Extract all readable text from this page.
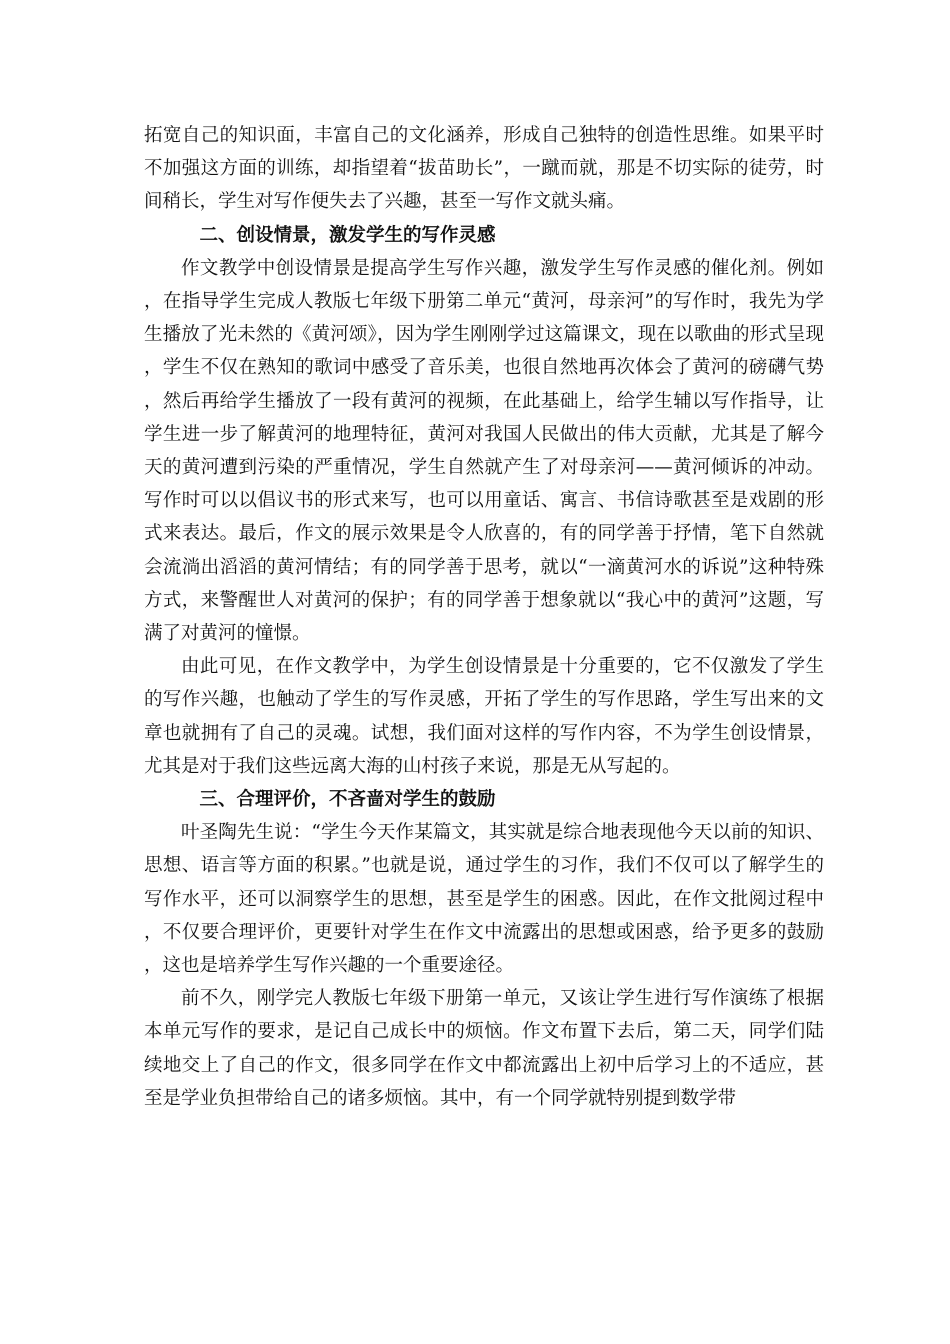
拓宽自己的知识面，丰富自己的文化涵养，形成自己独特的创造性思维。如果平时不加强这方面的训练，却指望着“拔苗助长”，一蹴而就，那是不切实际的徒劳，时间稍长，学生对写作便失去了兴趣，甚至一写作文就头痛。

二、创设情景，激发学生的写作灵感

作文教学中创设情景是提高学生写作兴趣，激发学生写作灵感的催化剂。例如，在指导学生完成人教版七年级下册第二单元“黄河，母亲河”的写作时，我先为学生播放了光未然的《黄河颂》，因为学生刚刚学过这篇课文，现在以歌曲的形式呈现，学生不仅在熟知的歌词中感受了音乐美，也很自然地再次体会了黄河的磅礴气势，然后再给学生播放了一段有黄河的视频，在此基础上，给学生辅以写作指导，让学生进一步了解黄河的地理特征，黄河对我国人民做出的伟大贡献，尤其是了解今天的黄河遭到污染的严重情况，学生自然就产生了对母亲河——黄河倾诉的冲动。写作时可以以倡议书的形式来写，也可以用童话、寓言、书信诗歌甚至是戏剧的形式来表达。最后，作文的展示效果是令人欣喜的，有的同学善于抒情，笔下自然就会流淌出滔滔的黄河情结；有的同学善于思考，就以“一滴黄河水的诉说”这种特殊方式，来警醒世人对黄河的保护；有的同学善于想象就以“我心中的黄河”这题，写满了对黄河的憧憬。

由此可见，在作文教学中，为学生创设情景是十分重要的，它不仅激发了学生的写作兴趣，也触动了学生的写作灵感，开拓了学生的写作思路，学生写出来的文章也就拥有了自己的灵魂。试想，我们面对这样的写作内容，不为学生创设情景，尤其是对于我们这些远离大海的山村孩子来说，那是无从写起的。

三、合理评价，不吝啬对学生的鼓励

叶圣陶先生说：“学生今天作某篇文，其实就是综合地表现他今天以前的知识、思想、语言等方面的积累。”也就是说，通过学生的习作，我们不仅可以了解学生的写作水平，还可以洞察学生的思想，甚至是学生的困惑。因此，在作文批阅过程中，不仅要合理评价，更要针对学生在作文中流露出的思想或困惑，给予更多的鼓励，这也是培养学生写作兴趣的一个重要途径。

前不久，刚学完人教版七年级下册第一单元，又该让学生进行写作演练了根据本单元写作的要求，是记自己成长中的烦恼。作文布置下去后，第二天，同学们陆续地交上了自己的作文，很多同学在作文中都流露出上初中后学习上的不适应，甚至是学业负担带给自己的诸多烦恼。其中，有一个同学就特别提到数学带
